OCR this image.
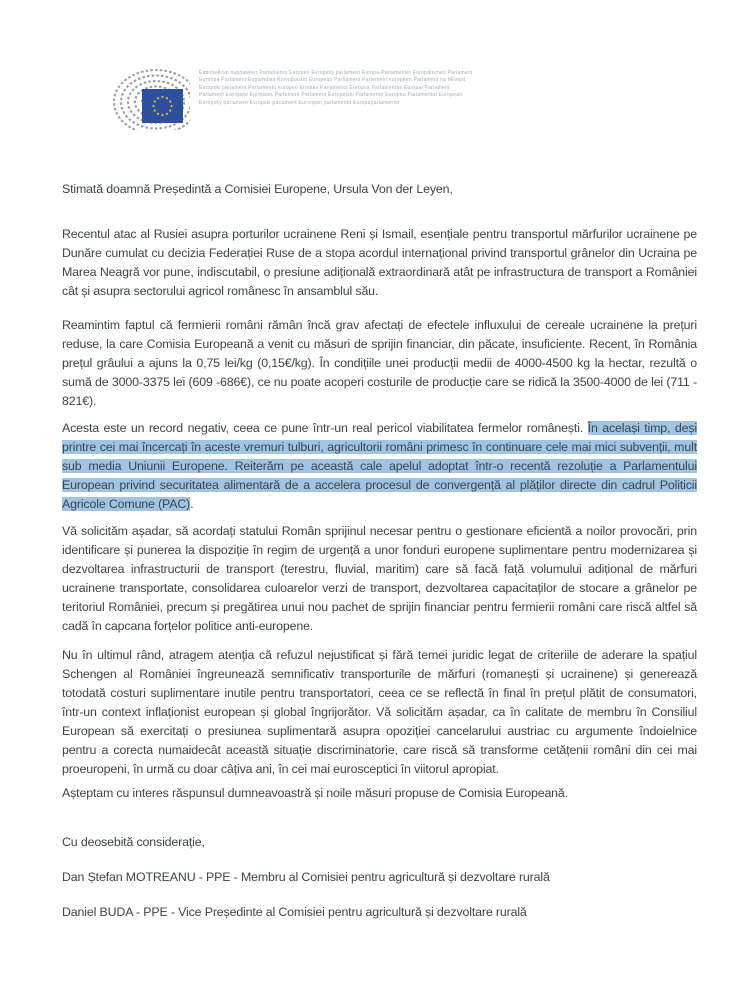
Европейски парламент Parlamento Europeo Evropský parlament Europa-Parlamentet Europäisches Parlament
Euroopa Parlament Ευρωπαϊκό Κοινοβούλιο European Parliament Parlement européen Parlaimint na hEorpa
Europski parlament Parlamento europeo Eiropas Parlaments Europos Parlamentas Európai Parlament
Parlament Ewropew Europees Parlement Parlament Europejski Parlamento Europeu Parlamentul European
Európsky parlament Evropski parlament Euroopan parlamentti Europaparlamentet

Stimată doamnă Președintă a Comisiei Europene, Ursula Von der Leyen,

Recentul atac al Rusiei asupra porturilor ucrainene Reni și Ismail, esențiale pentru transportul mărfurilor ucrainene pe Dunăre cumulat cu decizia Federației Ruse de a stopa acordul internațional privind transportul grânelor din Ucraina pe Marea Neagră vor pune, indiscutabil, o presiune adițională extraordinară atât pe infrastructura de transport a României cât și asupra sectorului agricol românesc în ansamblul său.

Reamintim faptul că fermierii români rămân încă grav afectați de efectele influxului de cereale ucrainene la prețuri reduse, la care Comisia Europeană a venit cu măsuri de sprijin financiar, din păcate, insuficiente. Recent, în România prețul grâului a ajuns la 0,75 lei/kg (0,15€/kg). În condițiile unei producții medii de 4000-4500 kg la hectar, rezultă o sumă de 3000-3375 lei (609 -686€), ce nu poate acoperi costurile de producție care se ridică la 3500-4000 de lei (711 - 821€).

Acesta este un record negativ, ceea ce pune într-un real pericol viabilitatea fermelor românești. În același timp, deși printre cei mai încercați în aceste vremuri tulburi, agricultorii români primesc în continuare cele mai mici subvenții, mult sub media Uniunii Europene. Reiterăm pe această cale apelul adoptat într-o recentă rezoluție a Parlamentului European privind securitatea alimentară de a accelera procesul de convergență al plăților directe din cadrul Politicii Agricole Comune (PAC).

Vă solicităm așadar, să acordați statului Român sprijinul necesar pentru o gestionare eficientă a noilor provocări, prin identificare și punerea la dispoziție în regim de urgență a unor fonduri europene suplimentare pentru modernizarea și dezvoltarea infrastructurii de transport (terestru, fluvial, maritim) care să facă față volumului adițional de mărfuri ucrainene transportate, consolidarea culoarelor verzi de transport, dezvoltarea capacitaților de stocare a grânelor pe teritoriul României, precum și pregătirea unui nou pachet de sprijin financiar pentru fermierii români care riscă altfel să cadă în capcana forțelor politice anti-europene.

Nu în ultimul rând, atragem atenția că refuzul nejustificat și fără temei juridic legat de criteriile de aderare la spațiul Schengen al României îngreunează semnificativ transporturile de mărfuri (romanești și ucrainene) și generează totodată costuri suplimentare inutile pentru transportatori, ceea ce se reflectă în final în prețul plătit de consumatori, într-un context inflaționist european și global îngrijorător. Vă solicităm așadar, ca în calitate de membru în Consiliul European să exercitați o presiunea suplimentară asupra opoziției cancelarului austriac cu argumente îndoielnice pentru a corecta numaidecât această situație discriminatorie, care riscă să transforme cetățenii români din cei mai proeuropeni, în urmă cu doar câțiva ani, în cei mai eurosceptici în viitorul apropiat.

Așteptam cu interes răspunsul dumneavoastră și noile măsuri propuse de Comisia Europeană.

Cu deosebită considerație,

Dan Ștefan MOTREANU - PPE - Membru al Comisiei pentru agricultură și dezvoltare rurală

Daniel BUDA - PPE - Vice Președinte al Comisiei pentru agricultură și dezvoltare rurală
